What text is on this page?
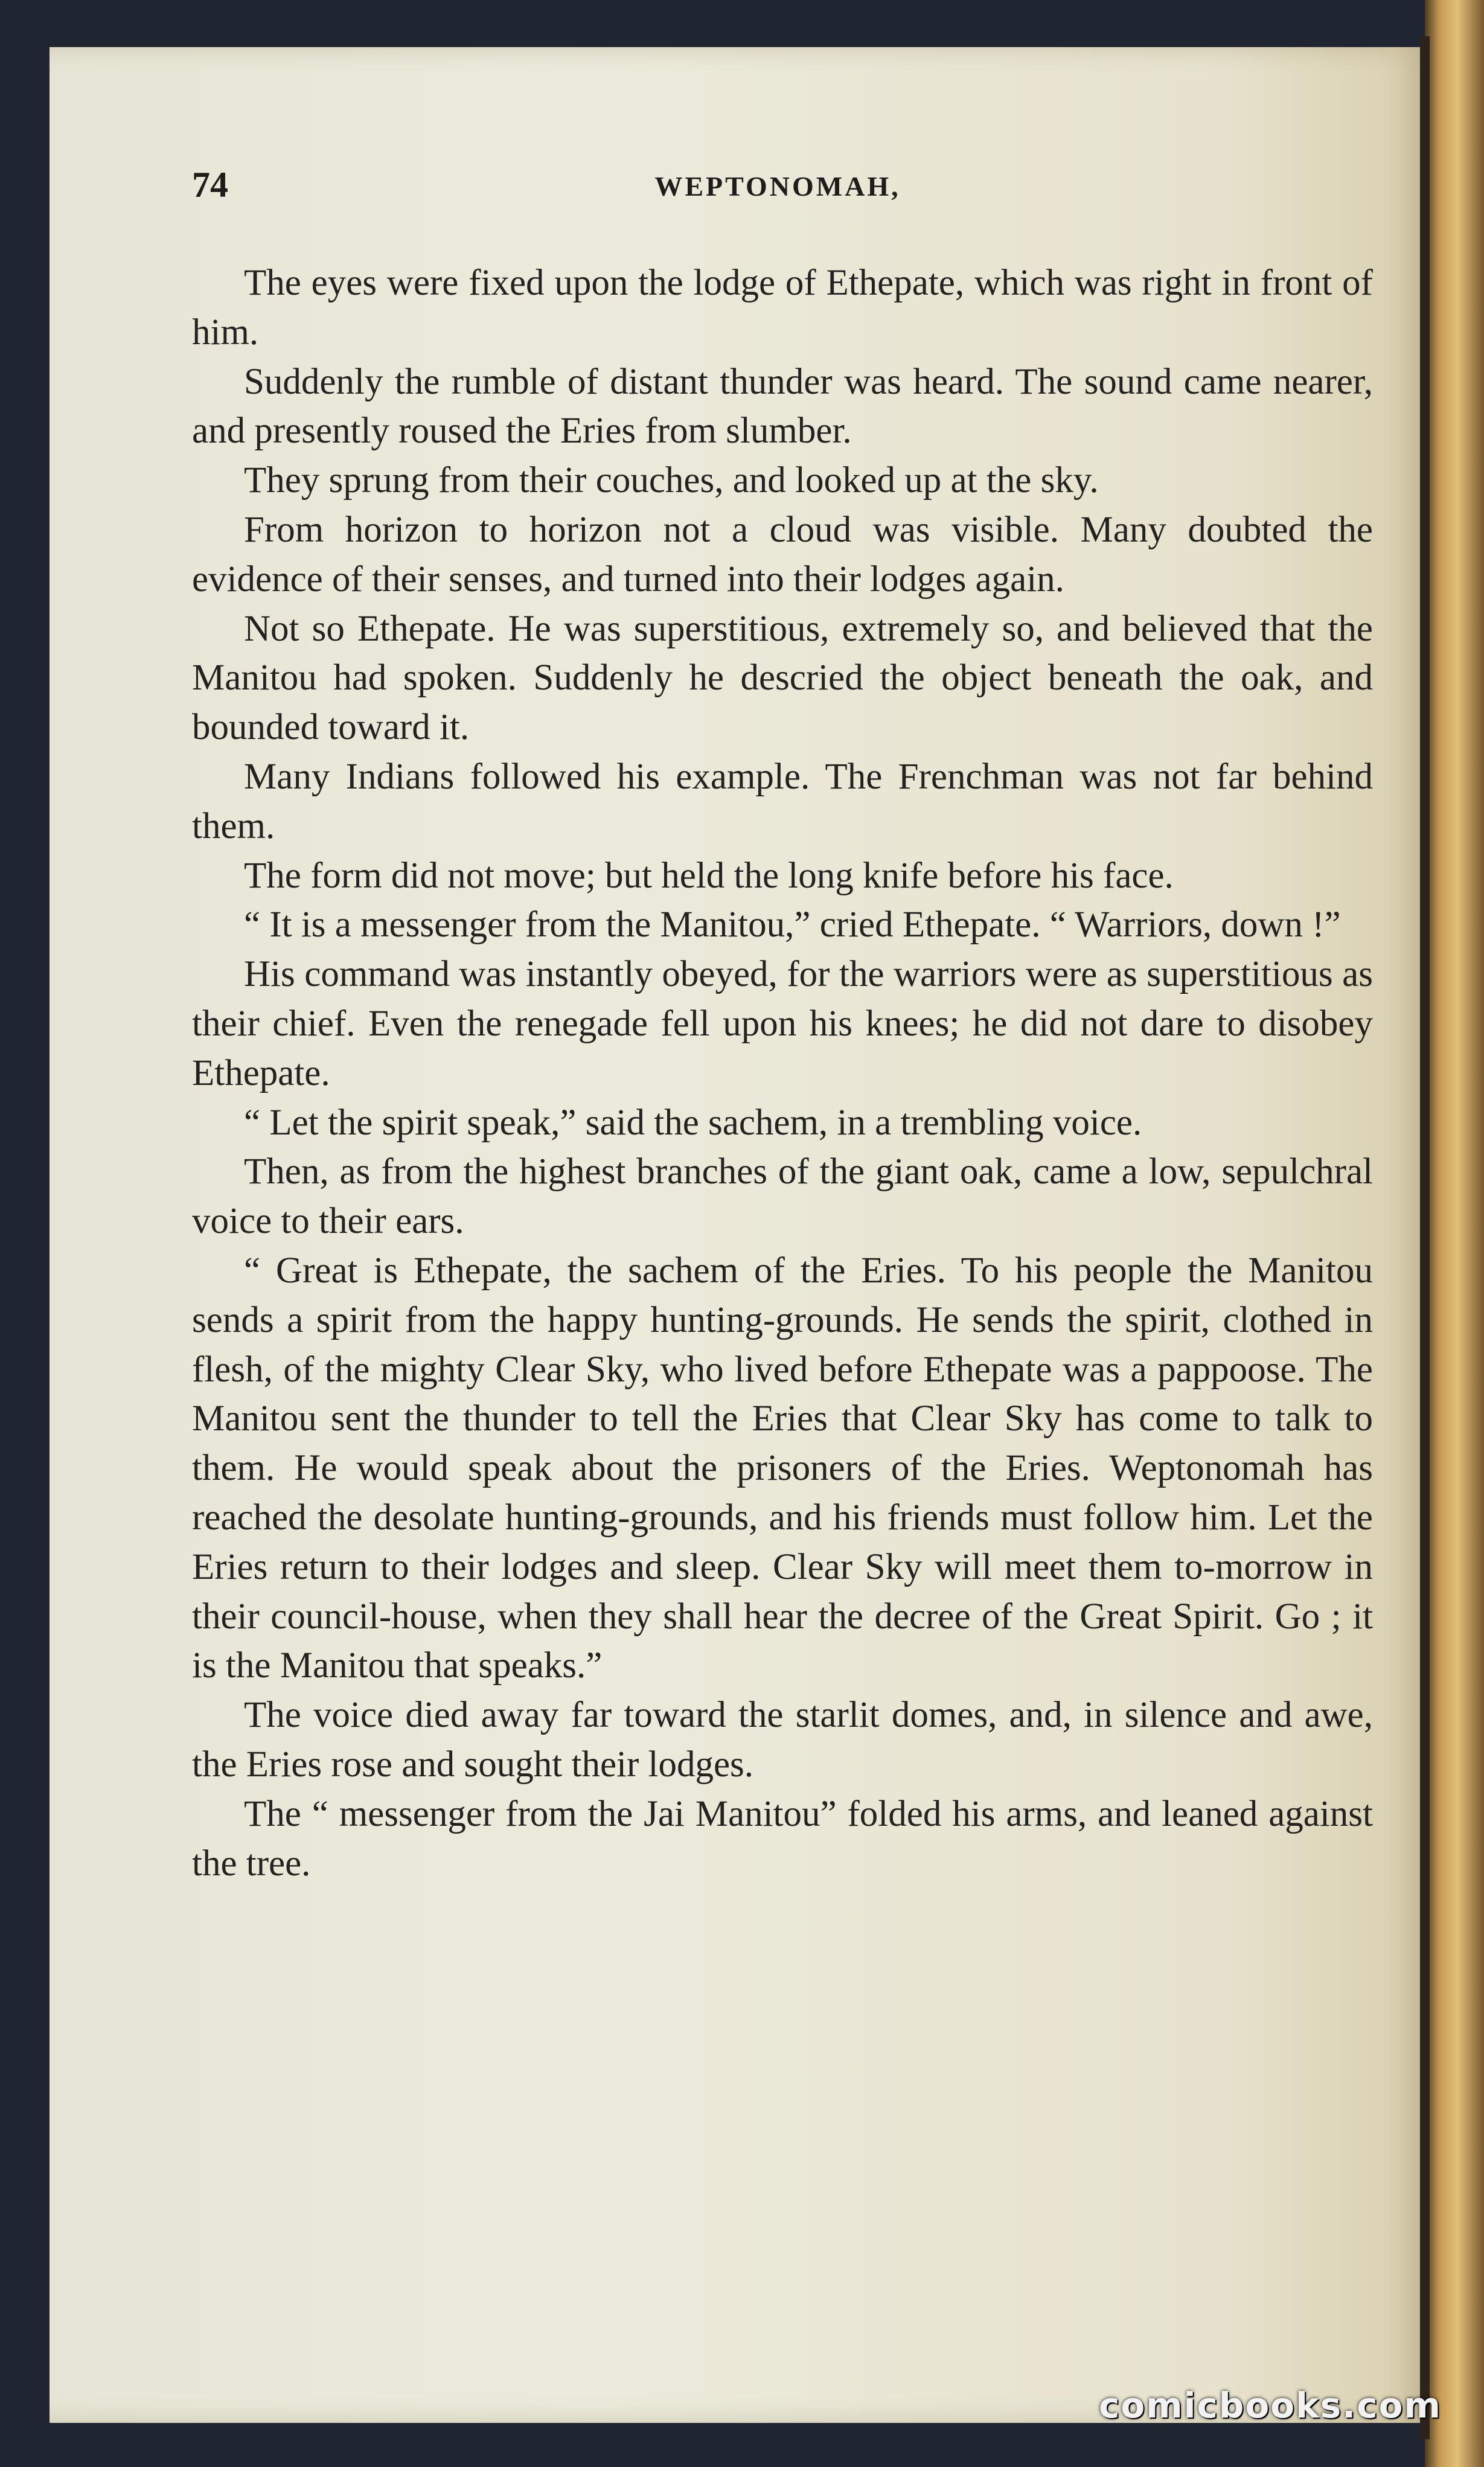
74	WEPTONOMAH,

The eyes were fixed upon the lodge of Ethepate, which was right in front of him.

Suddenly the rumble of distant thunder was heard. The sound came nearer, and presently roused the Eries from slumber.

They sprung from their couches, and looked up at the sky.

From horizon to horizon not a cloud was visible. Many doubted the evidence of their senses, and turned into their lodges again.

Not so Ethepate. He was superstitious, extremely so, and believed that the Manitou had spoken. Suddenly he descried the object beneath the oak, and bounded toward it.

Many Indians followed his example. The Frenchman was not far behind them.

The form did not move; but held the long knife before his face.

“ It is a messenger from the Manitou,” cried Ethepate. “ Warriors, down !”

His command was instantly obeyed, for the warriors were as superstitious as their chief. Even the renegade fell upon his knees; he did not dare to disobey Ethepate.

“ Let the spirit speak,” said the sachem, in a trembling voice.

Then, as from the highest branches of the giant oak, came a low, sepulchral voice to their ears.

“ Great is Ethepate, the sachem of the Eries. To his people the Manitou sends a spirit from the happy hunting-grounds. He sends the spirit, clothed in flesh, of the mighty Clear Sky, who lived before Ethepate was a pappoose. The Manitou sent the thunder to tell the Eries that Clear Sky has come to talk to them. He would speak about the prisoners of the Eries. Weptonomah has reached the desolate hunting-grounds, and his friends must follow him. Let the Eries return to their lodges and sleep. Clear Sky will meet them to-morrow in their council-house, when they shall hear the decree of the Great Spirit. Go ; it is the Manitou that speaks.”

The voice died away far toward the starlit domes, and, in silence and awe, the Eries rose and sought their lodges.

The “ messenger from the Jai Manitou” folded his arms, and leaned against the tree.

comicbooks.com
